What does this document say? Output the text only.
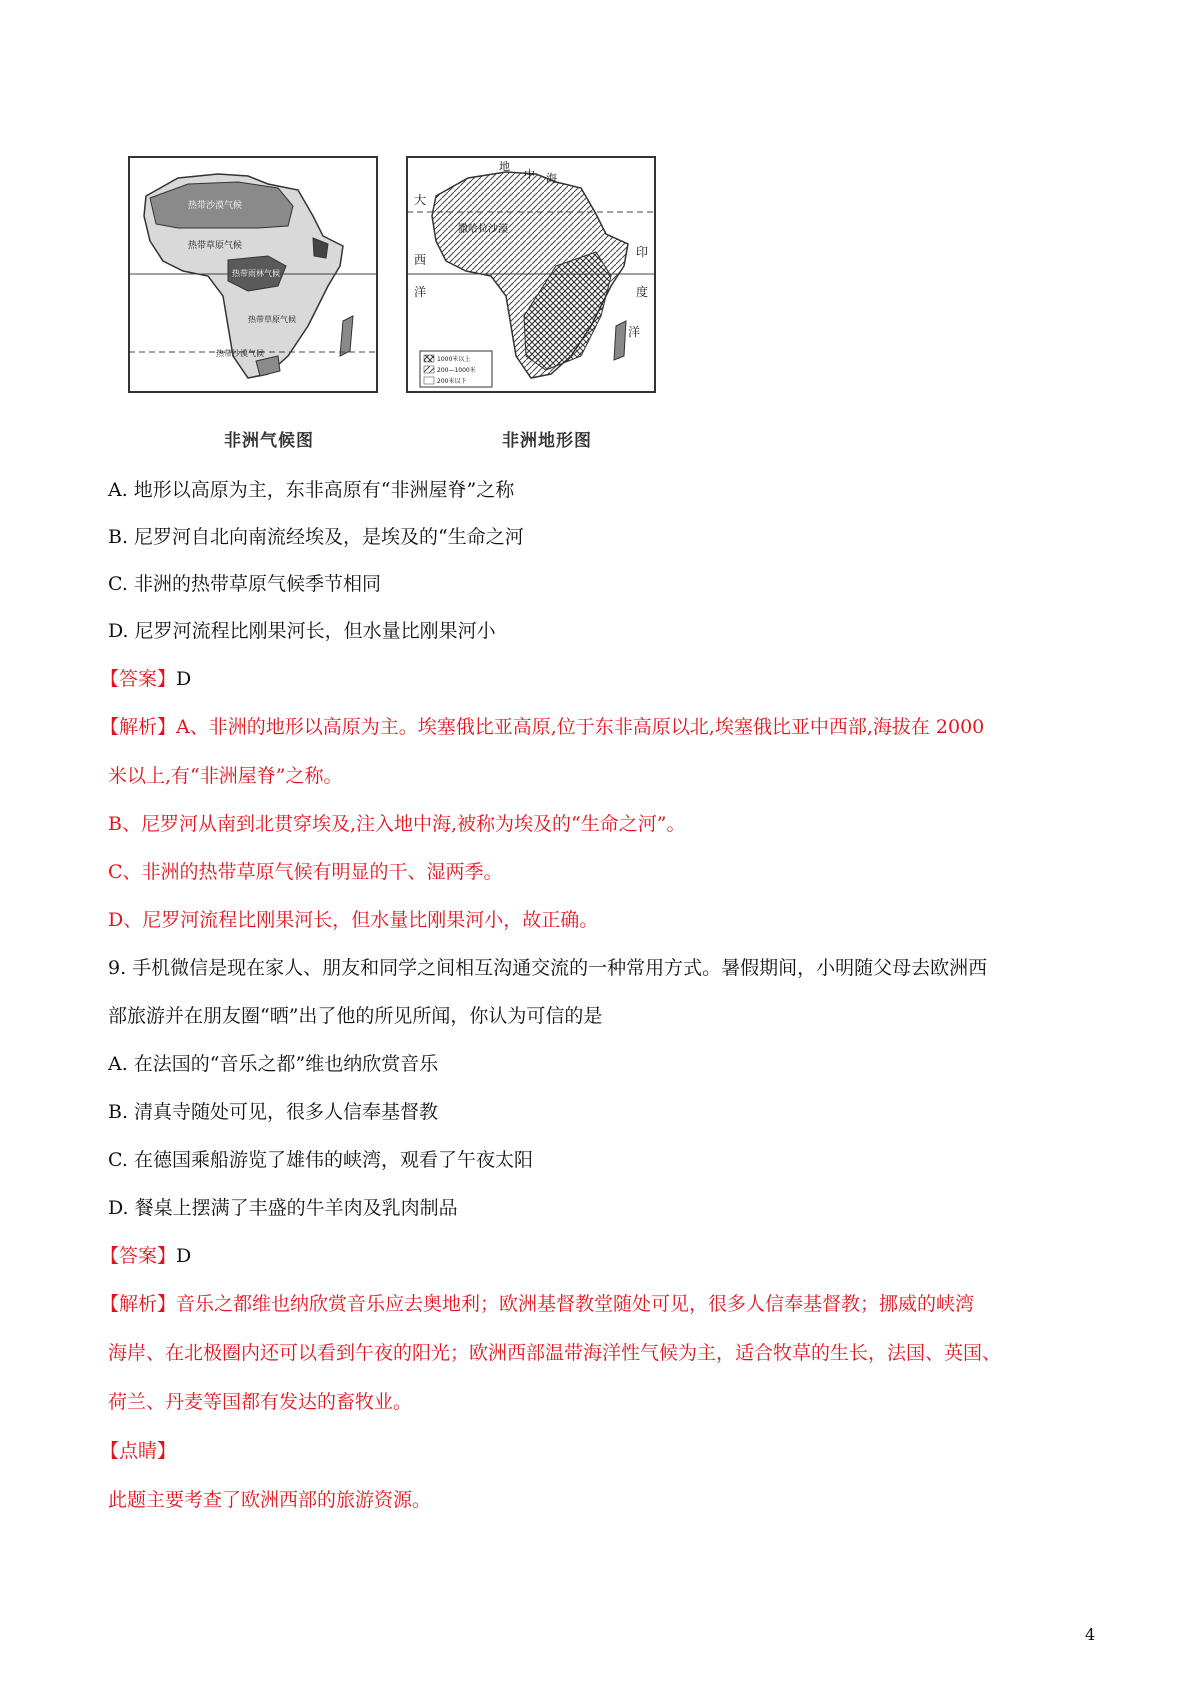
热带沙漠气候
热带草原气候
热带雨林气候
热带草原气候
热带沙漠气候
非洲气候图
地
中 海
大
西
洋
印
度
洋
撒哈拉沙漠
1000米以上
200—1000米
200米以下
非洲地形图
A. 地形以高原为主，东非高原有“非洲屋脊”之称
B. 尼罗河自北向南流经埃及，是埃及的“生命之河
C. 非洲的热带草原气候季节相同
D. 尼罗河流程比刚果河长，但水量比刚果河小
【答案】D
【解析】A、非洲的地形以高原为主。埃塞俄比亚高原,位于东非高原以北,埃塞俄比亚中西部,海拔在 2000
米以上,有“非洲屋脊”之称。
B、尼罗河从南到北贯穿埃及,注入地中海,被称为埃及的“生命之河”。
C、非洲的热带草原气候有明显的干、湿两季。
D、尼罗河流程比刚果河长，但水量比刚果河小，故正确。
9. 手机微信是现在家人、朋友和同学之间相互沟通交流的一种常用方式。暑假期间，小明随父母去欧洲西
部旅游并在朋友圈“晒”出了他的所见所闻，你认为可信的是
A. 在法国的“音乐之都”维也纳欣赏音乐
B. 清真寺随处可见，很多人信奉基督教
C. 在德国乘船游览了雄伟的峡湾，观看了午夜太阳
D. 餐桌上摆满了丰盛的牛羊肉及乳肉制品
【答案】D
【解析】音乐之都维也纳欣赏音乐应去奥地利；欧洲基督教堂随处可见，很多人信奉基督教；挪威的峡湾
海岸、在北极圈内还可以看到午夜的阳光；欧洲西部温带海洋性气候为主，适合牧草的生长，法国、英国、
荷兰、丹麦等国都有发达的畜牧业。
【点睛】
此题主要考查了欧洲西部的旅游资源。
4
